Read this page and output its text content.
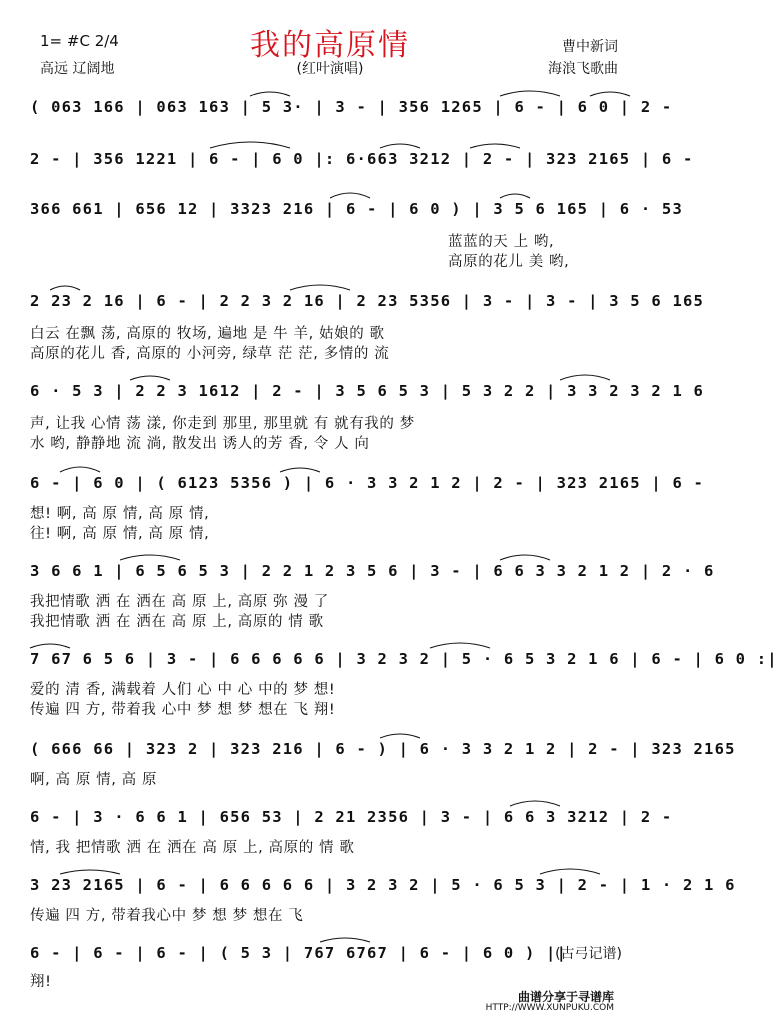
我的高原情
1= #C 2/4
高远 辽阔地	(红叶演唱)
曹中新词
海浪飞歌曲
( 063 166 | 063 163 | 5 3· | 3 - | 356 1265 | 6 - | 6 0 | 2 -
2 - | 356 1221 | 6 - | 6 0 |: 6·663 3212 | 2 - | 323 2165 | 6 -
366 661 | 656 12 | 3323 216 | 6 - | 6 0 ) | 3 5 6 165 | 6 · 53
蓝蓝的天 上 哟,
高原的花儿 美 哟,
2 23 2 16 | 6 - | 2 2 3 2 16 | 2 23 5356 | 3 - | 3 - | 3 5 6 165
白云 在飘 荡, 高原的 牧场, 遍地 是 牛 羊, 姑娘的 歌
高原的花儿 香, 高原的 小河旁, 绿草 茫 茫, 多情的 流
6 · 5 3 | 2 2 3 1612 | 2 - | 3 5 6 5 3 | 5 3 2 2 | 3 3 2 3 2 1 6
声, 让我 心情 荡 漾, 你走到 那里, 那里就 有 就有我的 梦
水 哟, 静静地 流 淌, 散发出 诱人的芳 香, 令 人 向
6 - | 6 0 | ( 6123 5356 ) | 6 · 3 3 2 1 2 | 2 - | 323 2165 | 6 -
想! 啊, 高 原 情, 高 原 情,
往! 啊, 高 原 情, 高 原 情,
3 6 6 1 | 6 5 6 5 3 | 2 2 1 2 3 5 6 | 3 - | 6 6 3 3 2 1 2 | 2 · 6
我把情歌 洒 在 洒在 高 原 上, 高原 弥 漫 了
我把情歌 洒 在 洒在 高 原 上, 高原的 情 歌
7 67 6 5 6 | 3 - | 6 6 6 6 6 | 3 2 3 2 | 5 · 6 5 3 2 1 6 | 6 - | 6 0 :|
爱的 清 香, 满载着 人们 心 中 心 中的 梦 想!
传遍 四 方, 带着我 心中 梦 想 梦 想在 飞 翔!
( 666 66 | 323 2 | 323 216 | 6 - ) | 6 · 3 3 2 1 2 | 2 - | 323 2165
啊, 高 原 情, 高 原
6 - | 3 · 6 6 1 | 656 53 | 2 21 2356 | 3 - | 6 6 3 3212 | 2 -
情, 我 把情歌 洒 在 洒在 高 原 上, 高原的 情 歌
3 23 2165 | 6 - | 6 6 6 6 6 | 3 2 3 2 | 5 · 6 5 3 | 2 - | 1 · 2 1 6
传遍 四 方, 带着我心中 梦 想 梦 想在 飞
6 - | 6 - | 6 - | ( 5 3 | 767 6767 | 6 - | 6 0 ) ||
翔!
(古弓记谱)
曲谱分享于寻谱库
HTTP://WWW.XUNPUKU.COM
